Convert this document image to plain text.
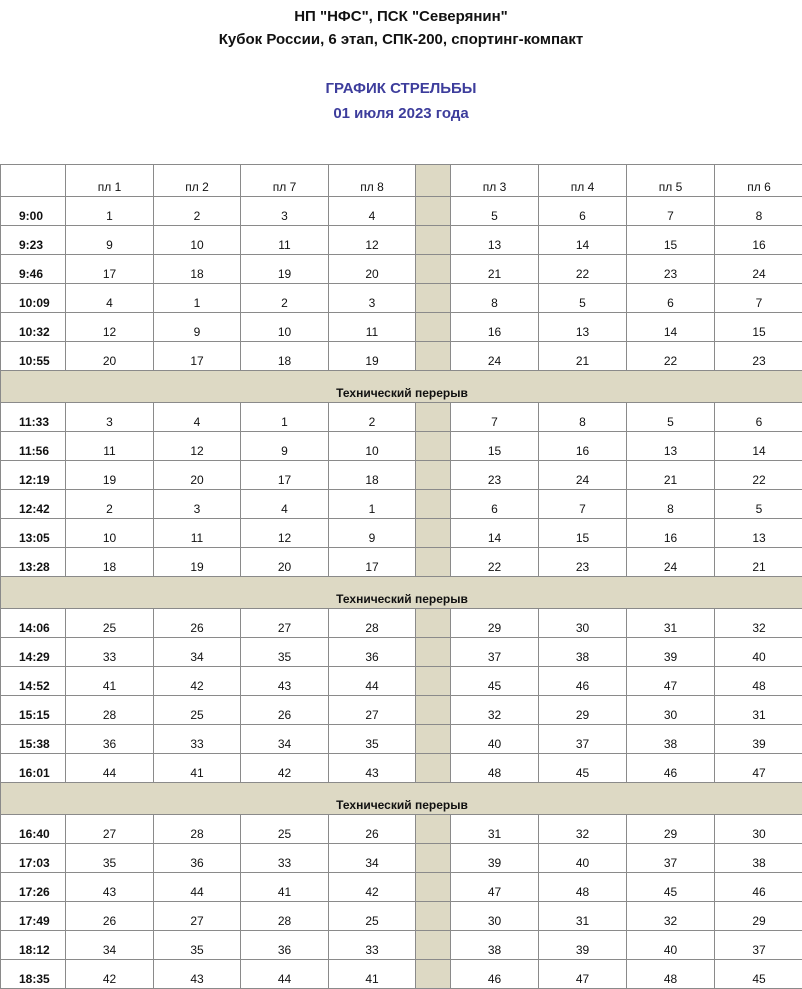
НП "НФС", ПСК "Северянин"
Кубок России, 6 этап, СПК-200, спортинг-компакт
ГРАФИК СТРЕЛЬБЫ
01 июля 2023 года
	пл 1	пл 2	пл 7	пл 8		пл 3	пл 4	пл 5	пл 6
9:00	1	2	3	4		5	6	7	8
9:23	9	10	11	12		13	14	15	16
9:46	17	18	19	20		21	22	23	24
10:09	4	1	2	3		8	5	6	7
10:32	12	9	10	11		16	13	14	15
10:55	20	17	18	19		24	21	22	23
Технический перерыв									
11:33	3	4	1	2		7	8	5	6
11:56	11	12	9	10		15	16	13	14
12:19	19	20	17	18		23	24	21	22
12:42	2	3	4	1		6	7	8	5
13:05	10	11	12	9		14	15	16	13
13:28	18	19	20	17		22	23	24	21
Технический перерыв									
14:06	25	26	27	28		29	30	31	32
14:29	33	34	35	36		37	38	39	40
14:52	41	42	43	44		45	46	47	48
15:15	28	25	26	27		32	29	30	31
15:38	36	33	34	35		40	37	38	39
16:01	44	41	42	43		48	45	46	47
Технический перерыв									
16:40	27	28	25	26		31	32	29	30
17:03	35	36	33	34		39	40	37	38
17:26	43	44	41	42		47	48	45	46
17:49	26	27	28	25		30	31	32	29
18:12	34	35	36	33		38	39	40	37
18:35	42	43	44	41		46	47	48	45
